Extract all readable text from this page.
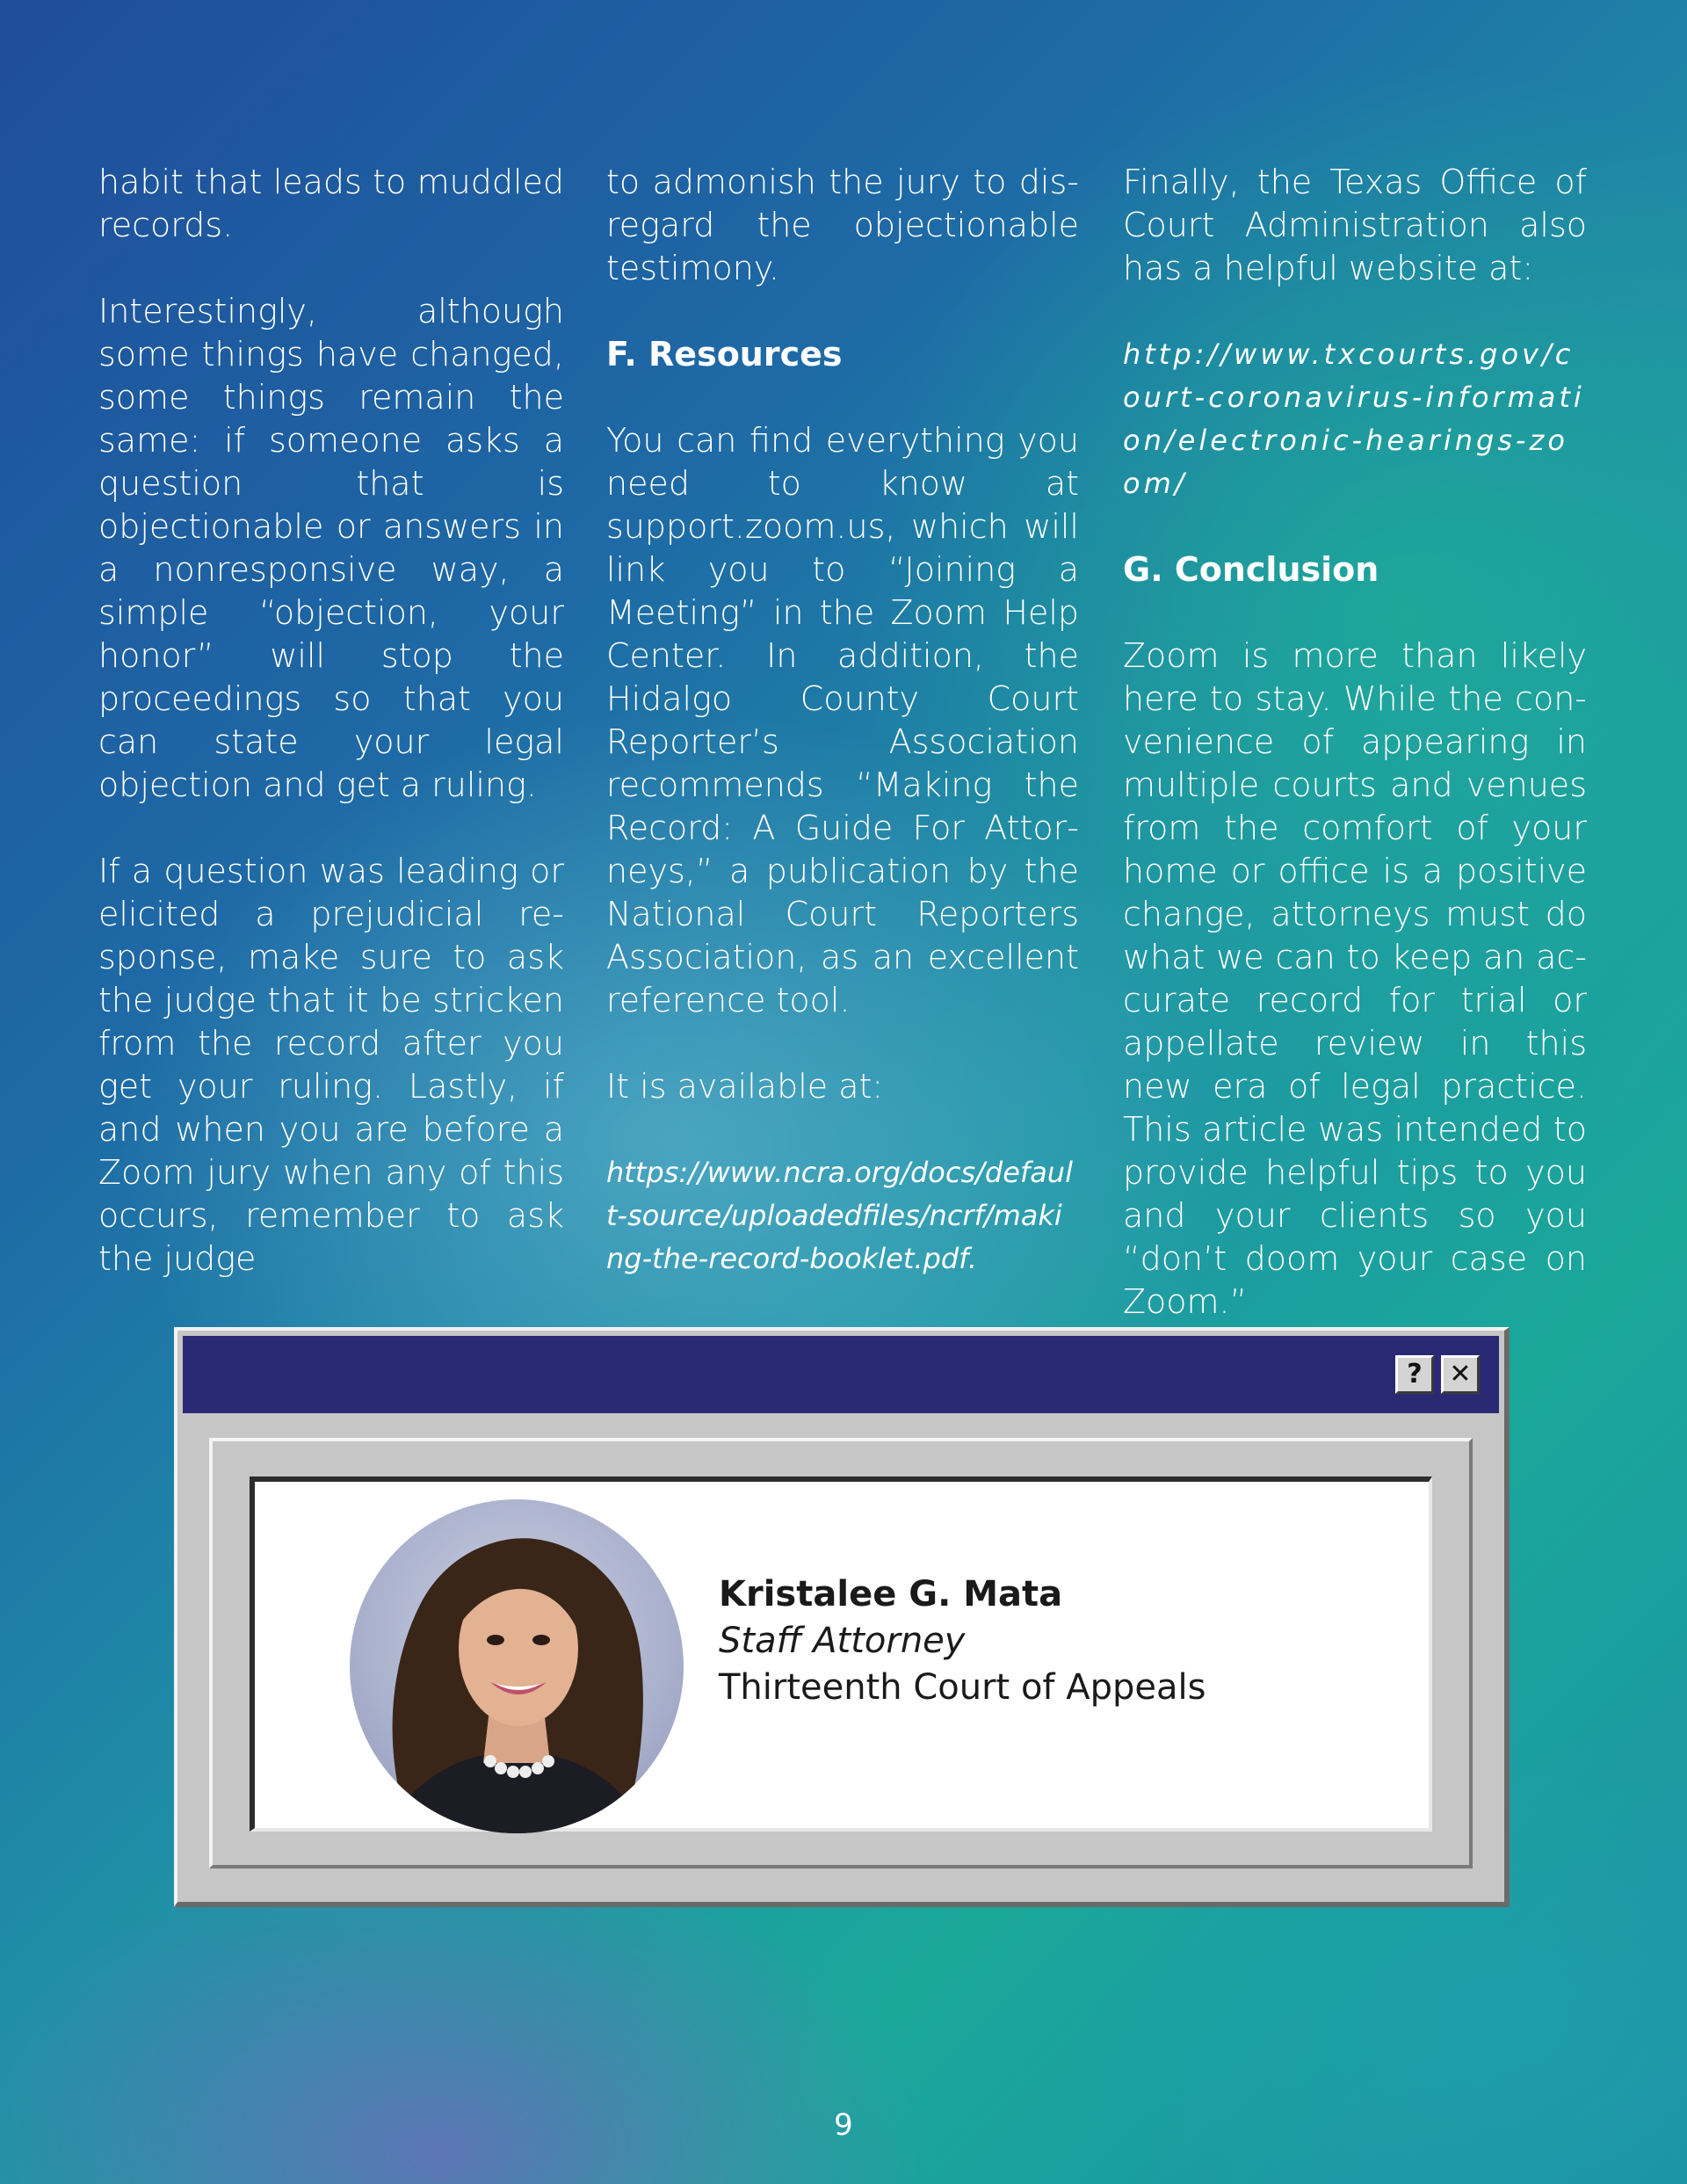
habit that leads to muddled records.

Interestingly, although some things have changed, some things remain the same: if someone asks a question that is objectionable or answers in a nonresponsive way, a simple “objection, your honor” will stop the proceedings so that you can state your legal objection and get a ruling.

If a question was leading or elicited a prejudicial response, make sure to ask the judge that it be stricken from the record after you get your ruling. Lastly, if and when you are before a Zoom jury when any of this occurs, remember to ask the judge

to admonish the jury to disregard the objectionable testimony.

F. Resources

You can find everything you need to know at support.zoom.us, which will link you to “Joining a Meeting” in the Zoom Help Center. In addition, the Hidalgo County Court Reporter’s Association recommends “Making the Record: A Guide For Attorneys,” a publication by the National Court Reporters Association, as an excellent reference tool.

It is available at:

https://www.ncra.org/docs/default-source/uploadedfiles/ncrf/making-the-record-booklet.pdf.

Finally, the Texas Office of Court Administration also has a helpful website at:

http://www.txcourts.gov/court-coronavirus-information/electronic-hearings-zoom/

G. Conclusion

Zoom is more than likely here to stay. While the convenience of appearing in multiple courts and venues from the comfort of your home or office is a positive change, attorneys must do what we can to keep an accurate record for trial or appellate review in this new era of legal practice. This article was intended to provide helpful tips to you and your clients so you “don’t doom your case on Zoom.”

?	✕
Kristalee G. Mata
Staff Attorney
Thirteenth Court of Appeals
9
